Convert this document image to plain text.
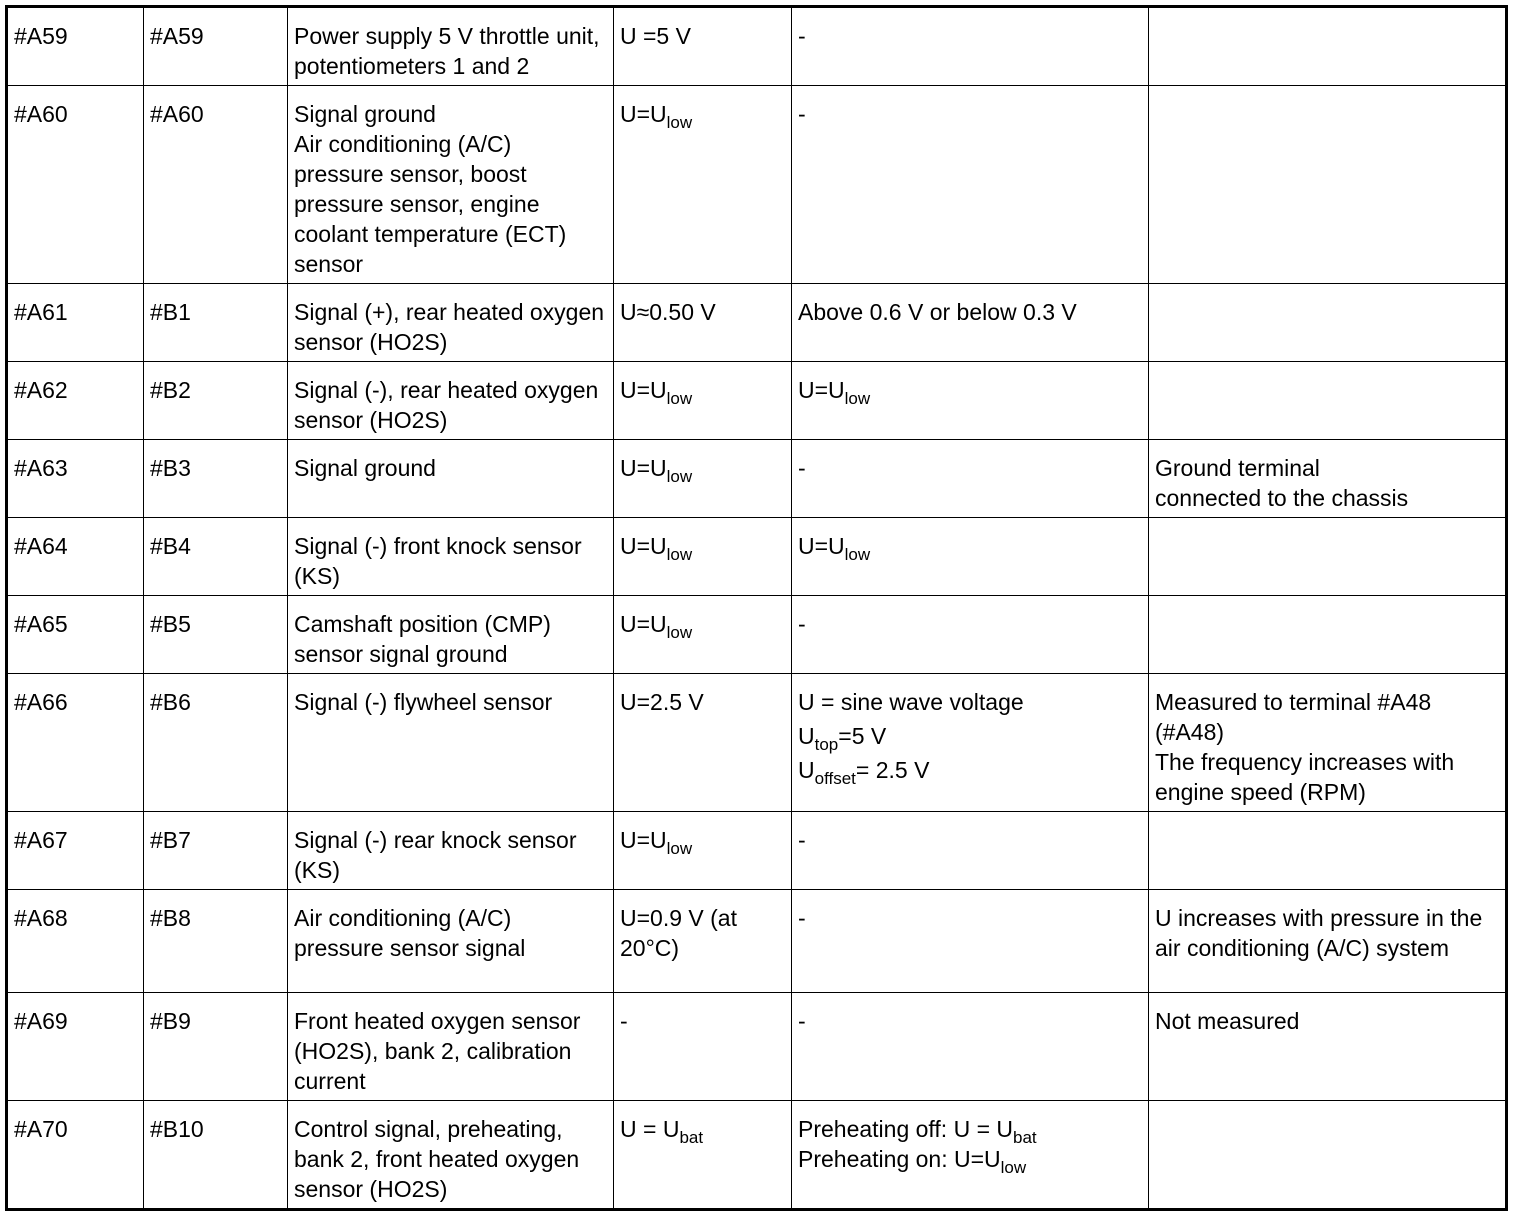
#A59	#A59	Power supply 5 V throttle unit, potentiometers 1 and 2	U =5 V	-	

#A60	#A60	Signal ground
Air conditioning (A/C) pressure sensor, boost pressure sensor, engine coolant temperature (ECT) sensor	$U=U_{low}$	-	

#A61	#B1	Signal (+), rear heated oxygen sensor (HO2S)	U≈0.50 V	Above 0.6 V or below 0.3 V	

#A62	#B2	Signal (-), rear heated oxygen sensor (HO2S)	$U=U_{low}$	$U=U_{low}$

#A63	#B3	Signal ground	$U=U_{low}$	-	Ground terminal
connected to the chassis

#A64	#B4	Signal (-) front knock sensor (KS)	$U=U_{low}$	$U=U_{low}$

#A65	#B5	Camshaft position (CMP) sensor signal ground	$U=U_{low}$	-	

#A66	#B6	Signal (-) flywheel sensor	U=2.5 V	U = sine wave voltage
$U_{top}=5$ V
$U_{offset}= 2.5$ V	Measured to terminal #A48
(#A48)
The frequency increases with engine speed (RPM)

#A67	#B7	Signal (-) rear knock sensor (KS)	$U=U_{low}$	-	

#A68	#B8	Air conditioning (A/C) pressure sensor signal	U=0.9 V (at 20°C)	-	U increases with pressure in the air conditioning (A/C) system

#A69	#B9	Front heated oxygen sensor (HO2S), bank 2, calibration current	-	-	Not measured

#A70	#B10	Control signal, preheating, bank 2, front heated oxygen sensor (HO2S)	$U = U_{bat}$	Preheating off: $U = U_{bat}$
Preheating on: $U=U_{low}$
